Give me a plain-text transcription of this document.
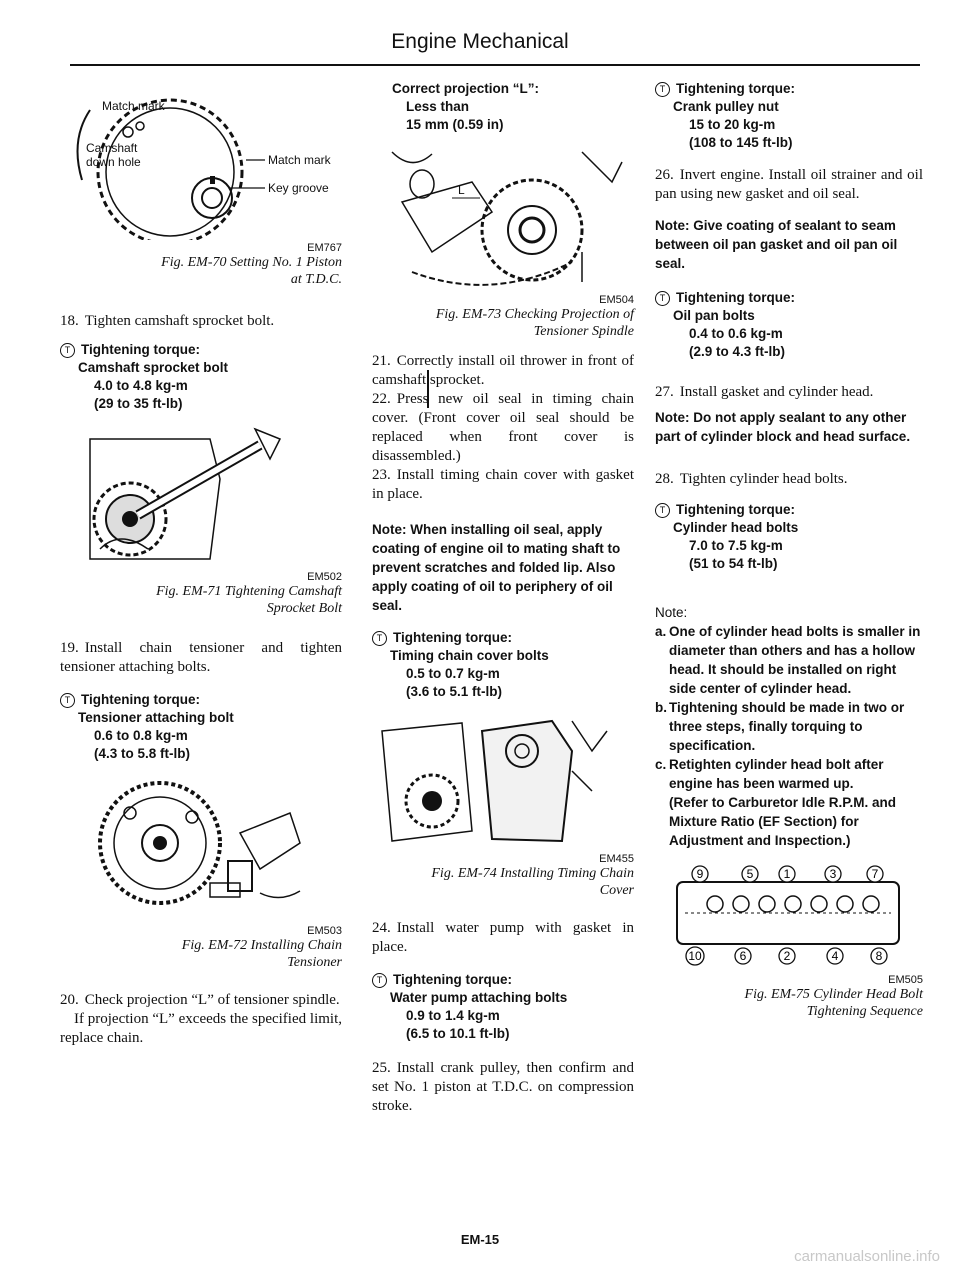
Engine Mechanical
Match mark
Camshaft
down hole	Match mark
Key groove
EM767
Fig. EM-70 Setting No. 1 Piston
at T.D.C.

18. Tighten camshaft sprocket bolt.

T Tightening torque:
Camshaft sprocket bolt
4.0 to 4.8 kg-m
(29 to 35 ft-lb)
EM502
Fig. EM-71 Tightening Camshaft
Sprocket Bolt

19. Install chain tensioner and tighten tensioner attaching bolts.

T Tightening torque:
Tensioner attaching bolt
0.6 to 0.8 kg-m
(4.3 to 5.8 ft-lb)
EM503
Fig. EM-72 Installing Chain
Tensioner

20. Check projection “L” of tensioner spindle.

If projection “L” exceeds the specified limit, replace chain.

Correct projection “L”:
Less than
15 mm (0.59 in)
L
EM504
Fig. EM-73 Checking Projection of
Tensioner Spindle

21. Correctly install oil thrower in front of camshaft sprocket.

22. Press new oil seal in timing chain cover. (Front cover oil seal should be replaced when front cover is disassembled.)

23. Install timing chain cover with gasket in place.

Note: When installing oil seal, apply coating of engine oil to mating shaft to prevent scratches and folded lip. Also apply coating of oil to periphery of oil seal.
T Tightening torque:
Timing chain cover bolts
0.5 to 0.7 kg-m
(3.6 to 5.1 ft-lb)
EM455
Fig. EM-74 Installing Timing Chain
Cover

24. Install water pump with gasket in place.

T Tightening torque:
Water pump attaching bolts
0.9 to 1.4 kg-m
(6.5 to 10.1 ft-lb)

25. Install crank pulley, then confirm and set No. 1 piston at T.D.C. on compression stroke.

T Tightening torque:
Crank pulley nut
15 to 20 kg-m
(108 to 145 ft-lb)

26. Invert engine. Install oil strainer and oil pan using new gasket and oil seal.

Note: Give coating of sealant to seam between oil pan gasket and oil pan oil seal.
T Tightening torque:
Oil pan bolts
0.4 to 0.6 kg-m
(2.9 to 4.3 ft-lb)

27. Install gasket and cylinder head.

Note: Do not apply sealant to any other part of cylinder block and head surface.

28. Tighten cylinder head bolts.

T Tightening torque:
Cylinder head bolts
7.0 to 7.5 kg-m
(51 to 54 ft-lb)
Note:
a. One of cylinder head bolts is smaller in diameter than others and has a hollow head. It should be installed on right side center of cylinder head.
b. Tightening should be made in two or three steps, finally torquing to specification.
c. Retighten cylinder head bolt after engine has been warmed up.
(Refer to Carburetor Idle R.P.M. and Mixture Ratio (EF Section) for Adjustment and Inspection.)
9	5	1	3	7
10	6	2	4	8
EM505
Fig. EM-75 Cylinder Head Bolt
Tightening Sequence
EM-15
carmanualsonline.info
